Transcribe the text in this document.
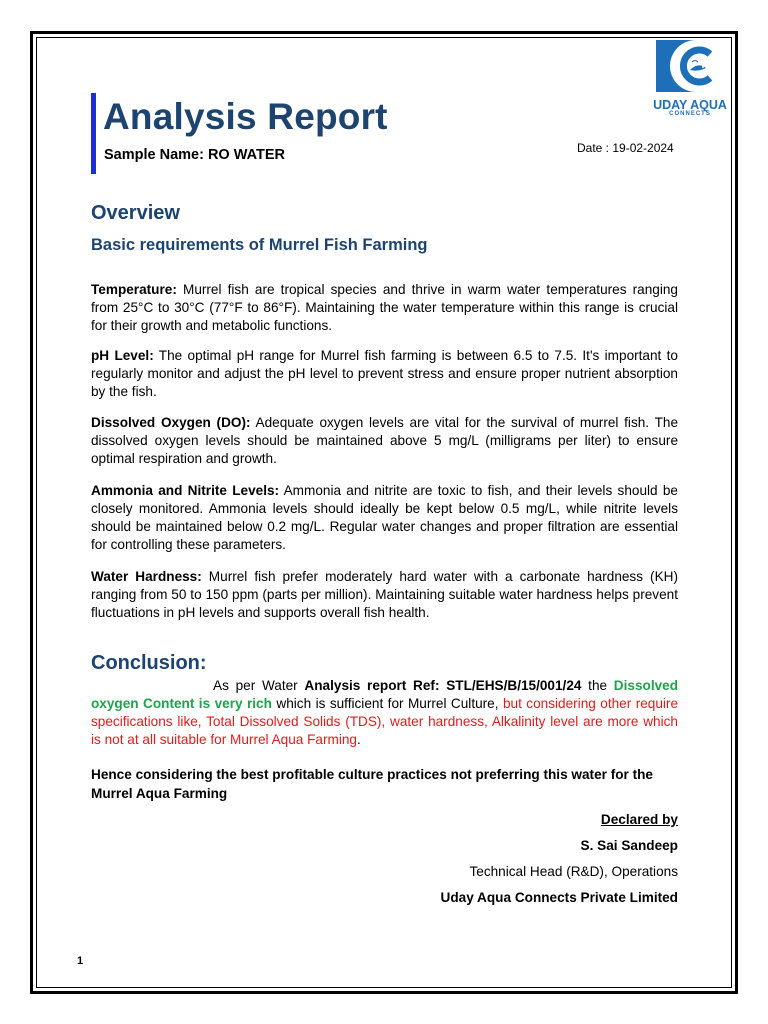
Analysis Report
Sample Name: RO WATER
UDAY AQUA
CONNECTS
Date : 19-02-2024
Overview
Basic requirements of Murrel Fish Farming
Temperature: Murrel fish are tropical species and thrive in warm water temperatures ranging from 25°C to 30°C (77°F to 86°F). Maintaining the water temperature within this range is crucial for their growth and metabolic functions.
pH Level: The optimal pH range for Murrel fish farming is between 6.5 to 7.5. It's important to regularly monitor and adjust the pH level to prevent stress and ensure proper nutrient absorption by the fish.
Dissolved Oxygen (DO): Adequate oxygen levels are vital for the survival of murrel fish. The dissolved oxygen levels should be maintained above 5 mg/L (milligrams per liter) to ensure optimal respiration and growth.
Ammonia and Nitrite Levels: Ammonia and nitrite are toxic to fish, and their levels should be closely monitored. Ammonia levels should ideally be kept below 0.5 mg/L, while nitrite levels should be maintained below 0.2 mg/L. Regular water changes and proper filtration are essential for controlling these parameters.
Water Hardness: Murrel fish prefer moderately hard water with a carbonate hardness (KH) ranging from 50 to 150 ppm (parts per million). Maintaining suitable water hardness helps prevent fluctuations in pH levels and supports overall fish health.
Conclusion:
As per Water Analysis report Ref: STL/EHS/B/15/001/24 the Dissolved oxygen Content is very rich which is sufficient for Murrel Culture, but considering other require specifications like, Total Dissolved Solids (TDS), water hardness, Alkalinity level are more which is not at all suitable for Murrel Aqua Farming.
Hence considering the best profitable culture practices not preferring this water for the Murrel Aqua Farming
Declared by
S. Sai Sandeep
Technical Head (R&D), Operations
Uday Aqua Connects Private Limited
1
